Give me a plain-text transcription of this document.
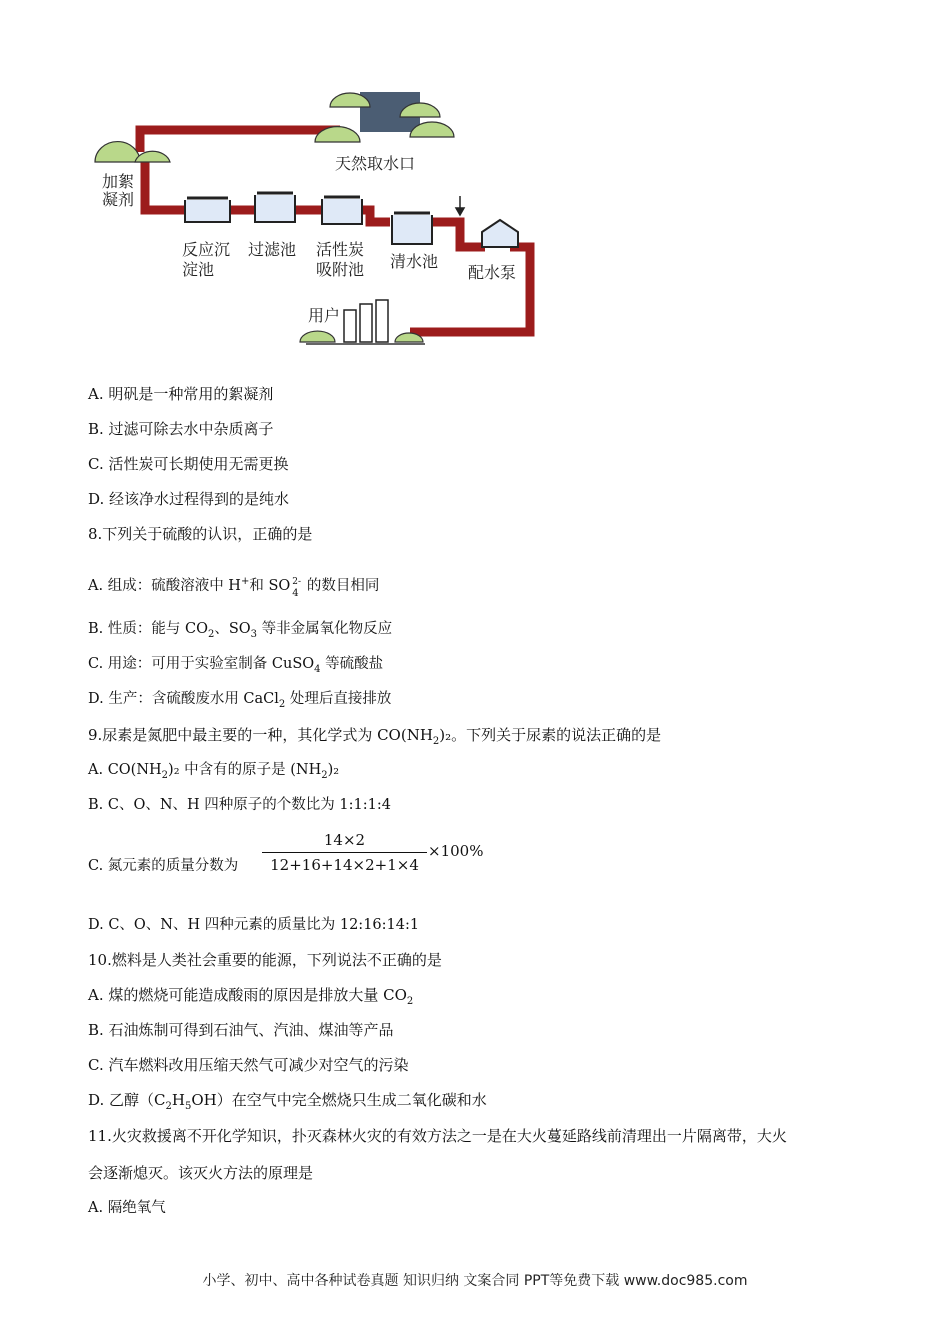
天然取水口
加絮
凝剂
反应沉
淀池
过滤池 活性炭
吸附池 清水池
配水泵
用户
A. 明矾是一种常用的絮凝剂
B. 过滤可除去水中杂质离子
C. 活性炭可长期使用无需更换
D. 经该净水过程得到的是纯水
8.下列关于硫酸的认识，正确的是
A. 组成：硫酸溶液中 H+和 SO 2-
4 的数目相同
B. 性质：能与 $CO_2$、$SO_3$ 等非金属氧化物反应
C. 用途：可用于实验室制备 CuSO$_4$ 等硫酸盐
D. 生产：含硫酸废水用 CaCl$_2$ 处理后直接排放
9.尿素是氮肥中最主要的一种，其化学式为 $CO(NH_2)_2$。下列关于尿素的说法正确的是
A. $CO(NH_2)_2$ 中含有的原子是 $(NH_2)_2$
B. C、O、N、H 四种原子的个数比为 1:1:1:4
C. 氮元素的质量分数为
14×2
12+16+14×2+1×4
×100%
D. C、O、N、H 四种元素的质量比为 12:16:14:1
10.燃料是人类社会重要的能源，下列说法不正确的是
A. 煤的燃烧可能造成酸雨的原因是排放大量 $CO_2$
B. 石油炼制可得到石油气、汽油、煤油等产品
C. 汽车燃料改用压缩天然气可减少对空气的污染
D. 乙醇$(C_2H_5OH)$在空气中完全燃烧只生成二氧化碳和水
11.火灾救援离不开化学知识，扑灭森林火灾的有效方法之一是在大火蔓延路线前清理出一片隔离带，大火
会逐渐熄灭。该灭火方法的原理是
A. 隔绝氧气
小学、初中、高中各种试卷真题 知识归纳 文案合同 PPT等免费下载 www.doc985.com
